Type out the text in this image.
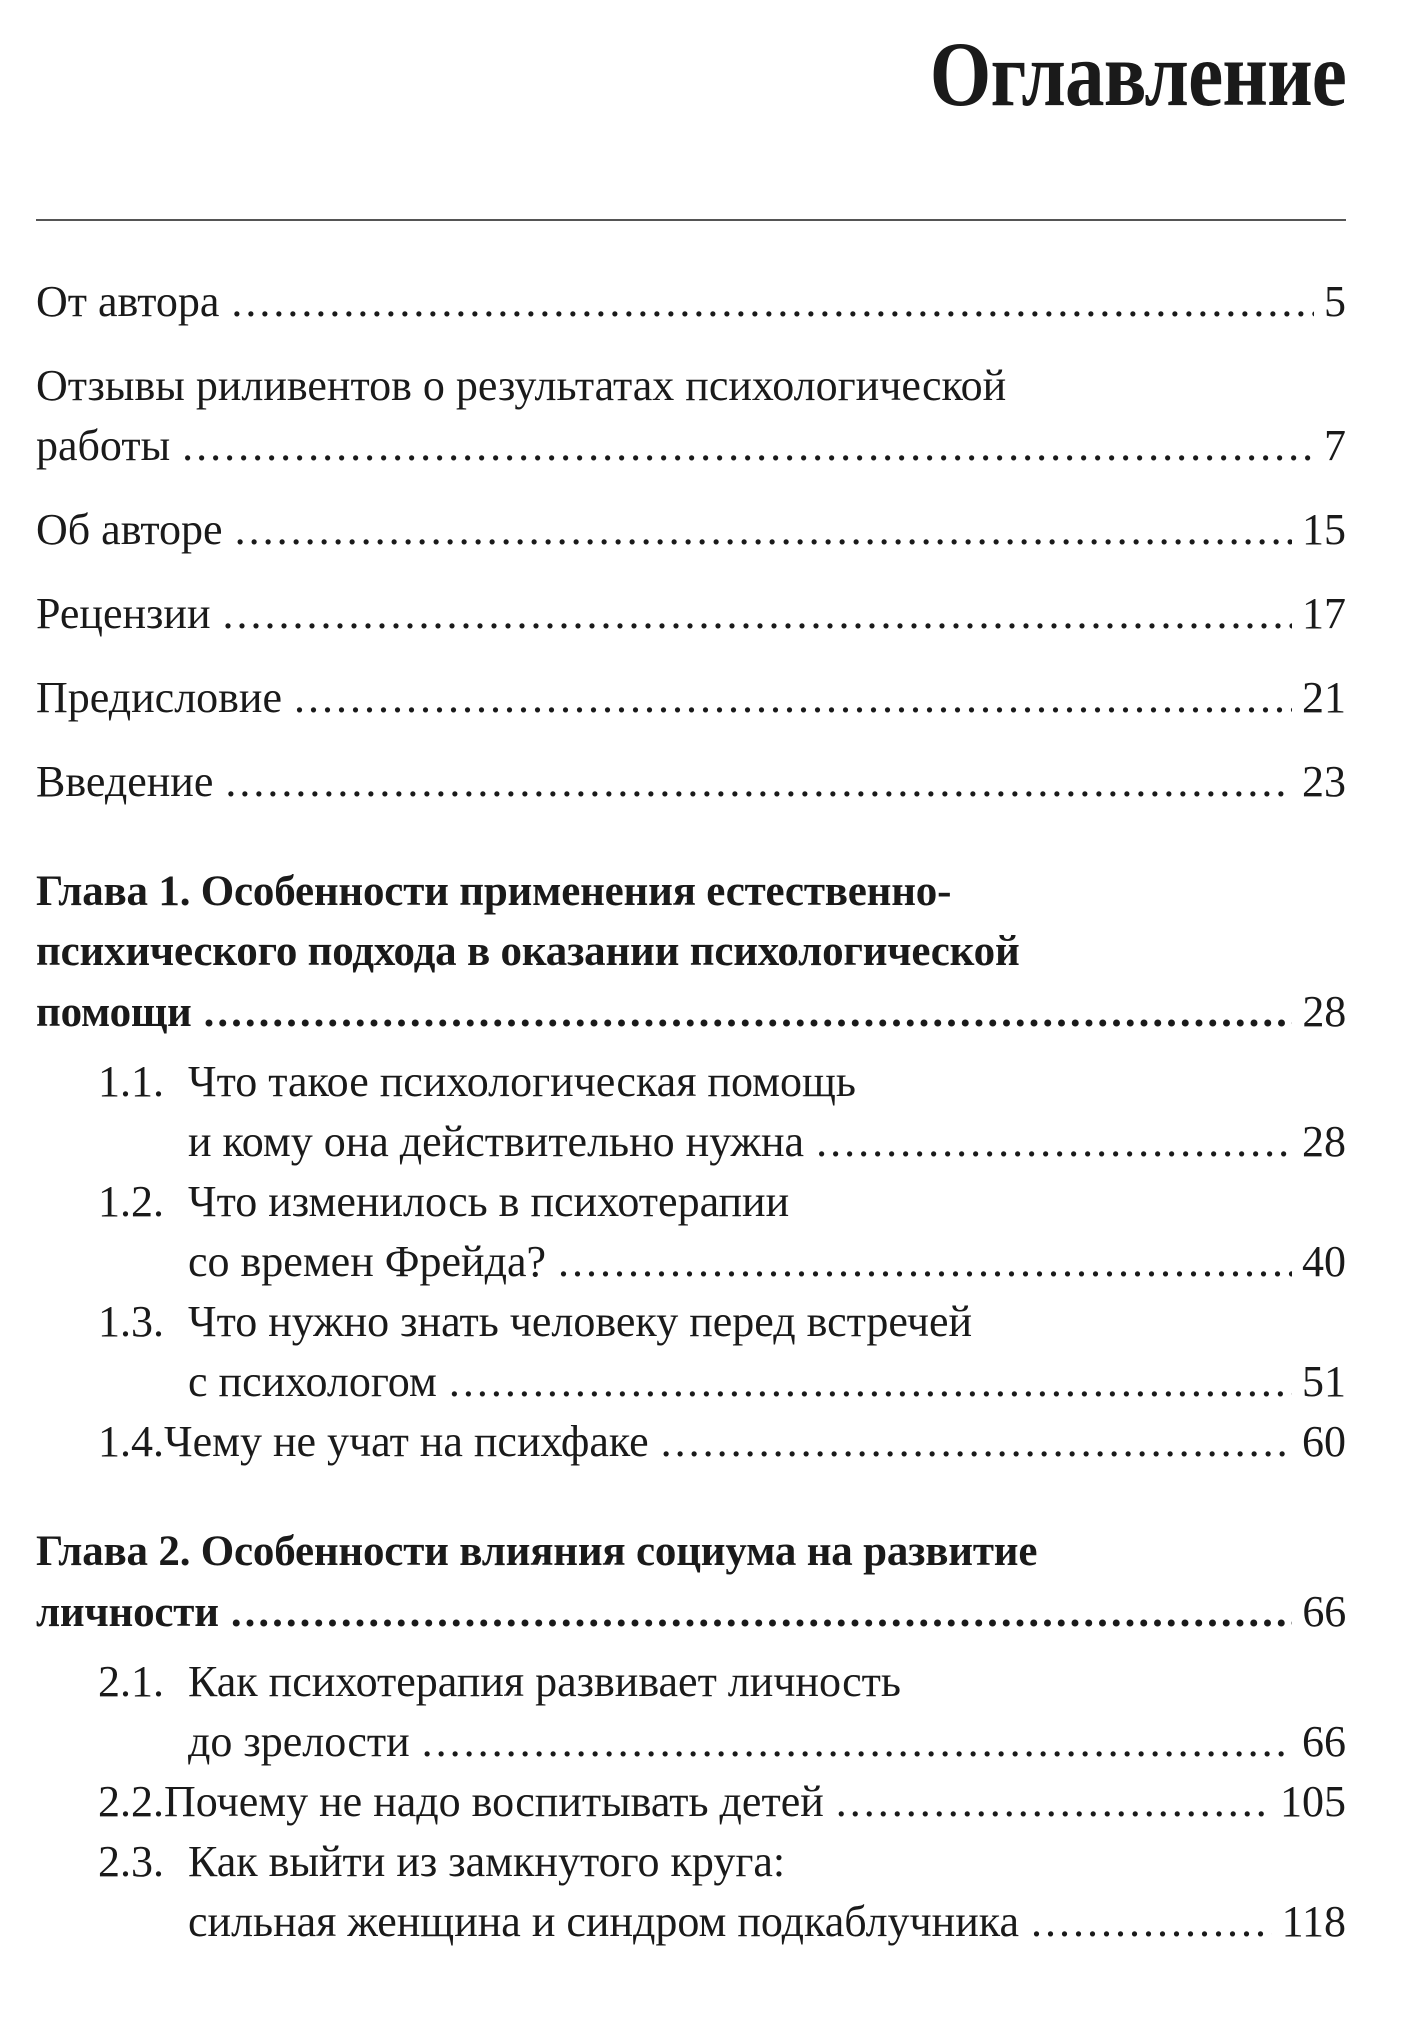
Оглавление
От автора .....	5
Отзывы риливентов о результатах психологической
работы .....	7
Об авторе .....	15
Рецензии .....	17
Предисловие .....	21
Введение .....	23
Глава 1. Особенности применения естественно-
психического подхода в оказании психологической
помощи .....	28
1.1. Что такое психологическая помощь
и кому она действительно нужна .....	28
1.2. Что изменилось в психотерапии
со времен Фрейда? .....	40
1.3. Что нужно знать человеку перед встречей
с психологом .....	51
1.4. Чему не учат на психфаке .....	60
Глава 2. Особенности влияния социума на развитие
личности .....	66
2.1. Как психотерапия развивает личность
до зрелости .....	66
2.2. Почему не надо воспитывать детей .....	105
2.3. Как выйти из замкнутого круга:
сильная женщина и синдром подкаблучника .....	118
